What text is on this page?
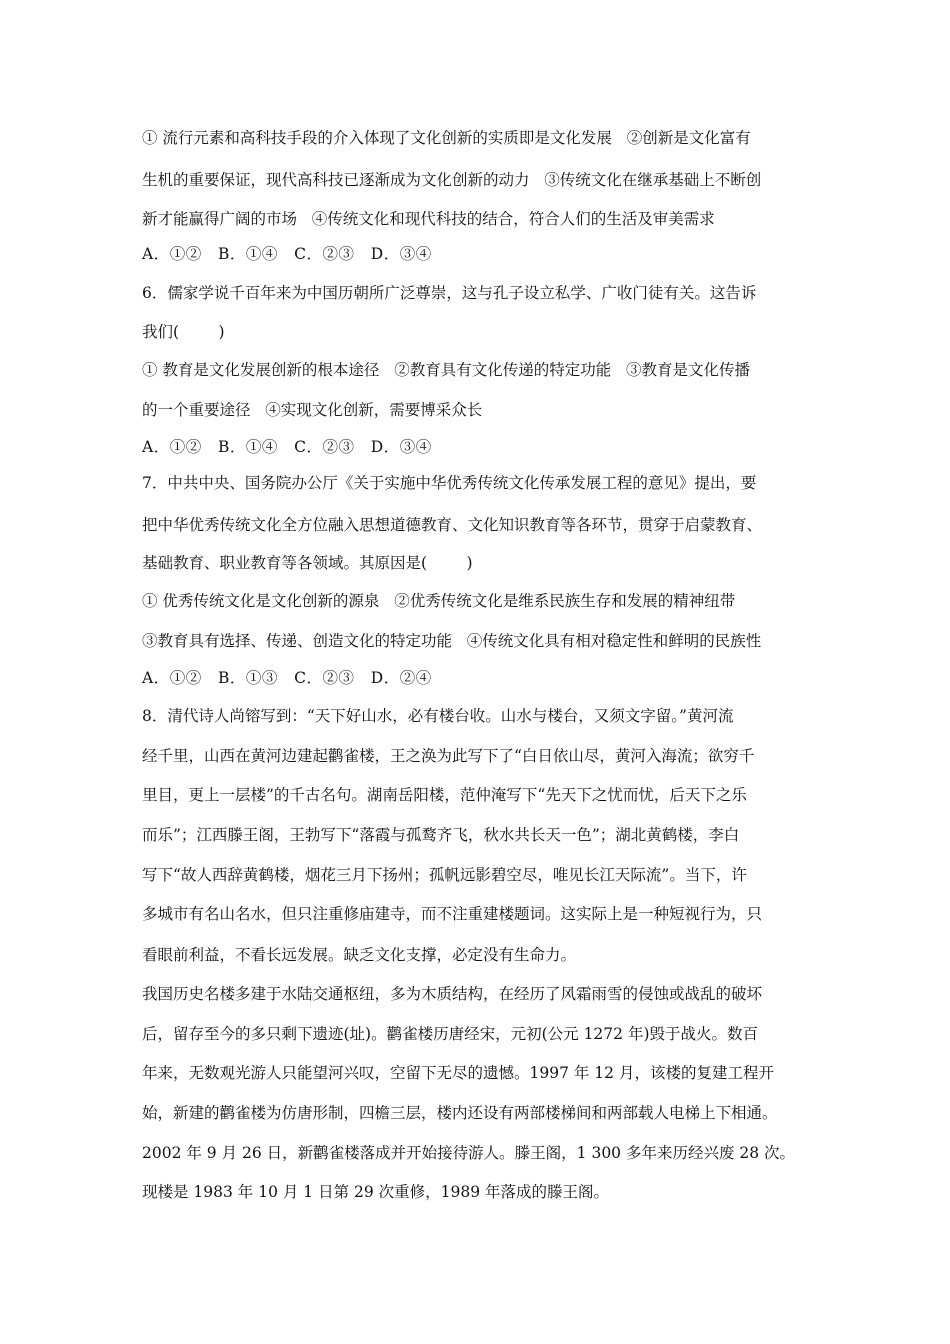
① 流行元素和高科技手段的介入体现了文化创新的实质即是文化发展   ②创新是文化富有
生机的重要保证，现代高科技已逐渐成为文化创新的动力   ③传统文化在继承基础上不断创
新才能赢得广阔的市场   ④传统文化和现代科技的结合，符合人们的生活及审美需求
A．①②   B．①④   C．②③   D．③④
6．儒家学说千百年来为中国历朝所广泛尊崇，这与孔子设立私学、广收门徒有关。这告诉
我们(        )
① 教育是文化发展创新的根本途径   ②教育具有文化传递的特定功能   ③教育是文化传播
的一个重要途径   ④实现文化创新，需要博采众长
A．①②   B．①④   C．②③   D．③④
7．中共中央、国务院办公厅《关于实施中华优秀传统文化传承发展工程的意见》提出，要
把中华优秀传统文化全方位融入思想道德教育、文化知识教育等各环节，贯穿于启蒙教育、
基础教育、职业教育等各领域。其原因是(        )
① 优秀传统文化是文化创新的源泉   ②优秀传统文化是维系民族生存和发展的精神纽带
③教育具有选择、传递、创造文化的特定功能   ④传统文化具有相对稳定性和鲜明的民族性
A．①②   B．①③   C．②③   D．②④
8．清代诗人尚镕写到：“天下好山水，必有楼台收。山水与楼台，又须文字留。”黄河流
经千里，山西在黄河边建起鹳雀楼，王之涣为此写下了“白日依山尽，黄河入海流；欲穷千
里目，更上一层楼”的千古名句。湖南岳阳楼，范仲淹写下“先天下之忧而忧，后天下之乐
而乐”；江西滕王阁，王勃写下“落霞与孤鹜齐飞，秋水共长天一色”；湖北黄鹤楼，李白
写下“故人西辞黄鹤楼，烟花三月下扬州；孤帆远影碧空尽，唯见长江天际流”。当下，许
多城市有名山名水，但只注重修庙建寺，而不注重建楼题词。这实际上是一种短视行为，只
看眼前利益，不看长远发展。缺乏文化支撑，必定没有生命力。
我国历史名楼多建于水陆交通枢纽，多为木质结构，在经历了风霜雨雪的侵蚀或战乱的破坏
后，留存至今的多只剩下遗迹(址)。鹳雀楼历唐经宋，元初(公元 1272 年)毁于战火。数百
年来，无数观光游人只能望河兴叹，空留下无尽的遗憾。1997 年 12 月，该楼的复建工程开
始，新建的鹳雀楼为仿唐形制，四檐三层，楼内还设有两部楼梯间和两部载人电梯上下相通。
2002 年 9 月 26 日，新鹳雀楼落成并开始接待游人。滕王阁，1 300 多年来历经兴废 28 次。
现楼是 1983 年 10 月 1 日第 29 次重修，1989 年落成的滕王阁。
